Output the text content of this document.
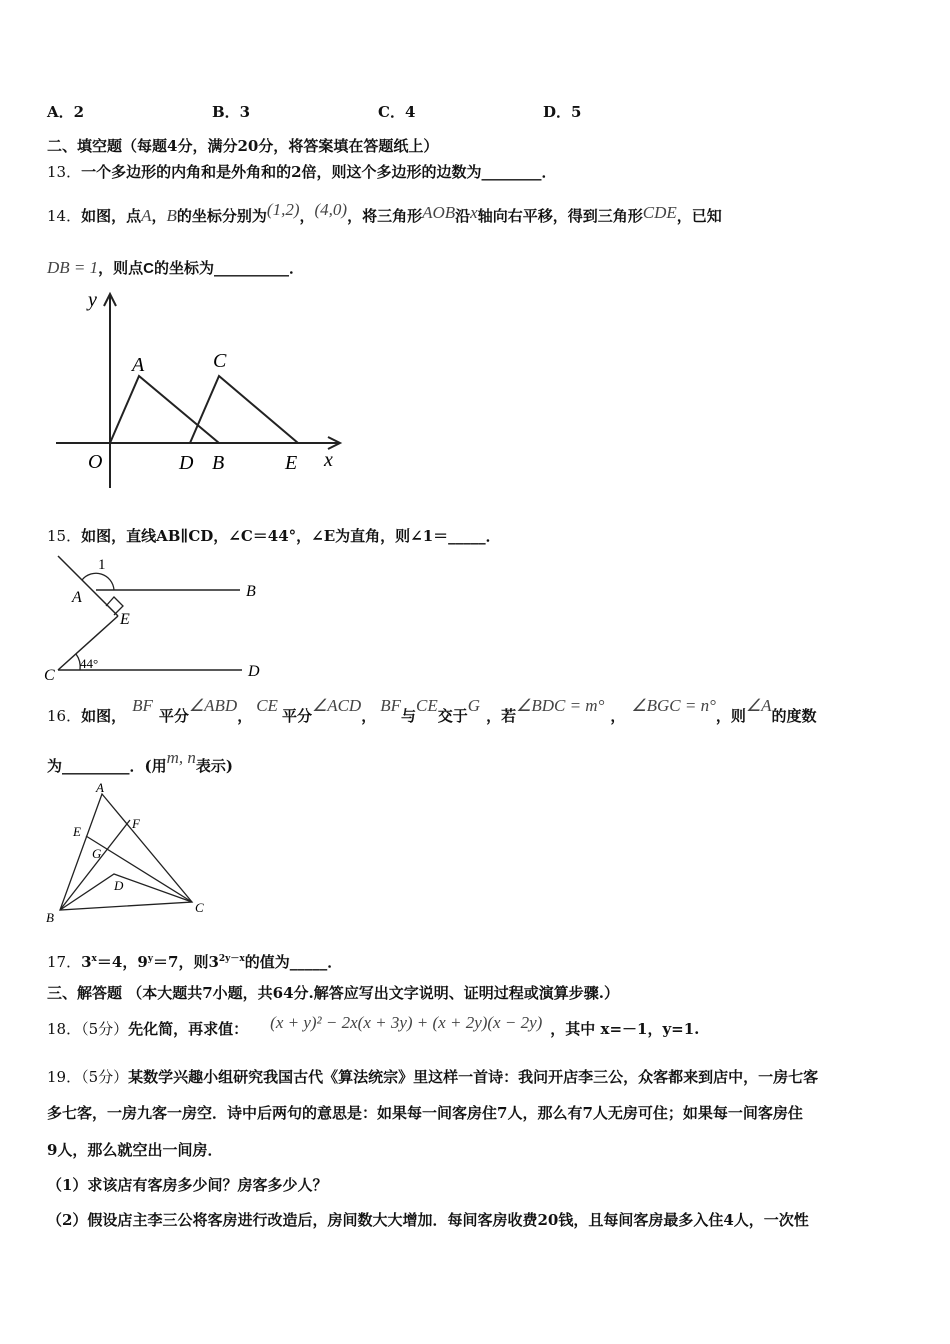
A．2	B．3	C．4	D．5
二、填空题（每题4分，满分20分，将答案填在答题纸上）
13．一个多边形的内角和是外角和的2倍，则这个多边形的边数为________．
14．如图，点A，B的坐标分别为(1,2)，(4,0)，将三角形AOB沿x轴向右平移，得到三角形CDE，已知
DB = 1，则点C的坐标为__________．
y
x
O
A	C
D B	E
15．如图，直线AB∥CD，∠C＝44°，∠E为直角，则∠1＝_____．
1
A	B
E
C	D
44°
16．如图，BF平分∠ABD，CE平分∠ACD，BF与CE交于G，若∠BDC = m°，∠BGC = n°，则∠A的度数
为_________．(用m, n表示)
A
E
F
G
D
B
C
17．$3^x=4$，$9^y=7$，则$3^{2y-x}$的值为_____．
三、解答题 （本大题共7小题，共64分.解答应写出文字说明、证明过程或演算步骤.）
18．（5分）先化简，再求值： (x + y)² − 2x(x + 3y) + (x + 2y)(x − 2y) ，其中 x=－1，y=1.
19．（5分）某数学兴趣小组研究我国古代《算法统宗》里这样一首诗：我问开店李三公，众客都来到店中，一房七客
多七客，一房九客一房空．诗中后两句的意思是：如果每一间客房住7人，那么有7人无房可住；如果每一间客房住
9人，那么就空出一间房．
（1）求该店有客房多少间？房客多少人？
（2）假设店主李三公将客房进行改造后，房间数大大增加．每间客房收费20钱，且每间客房最多入住4人，一次性
